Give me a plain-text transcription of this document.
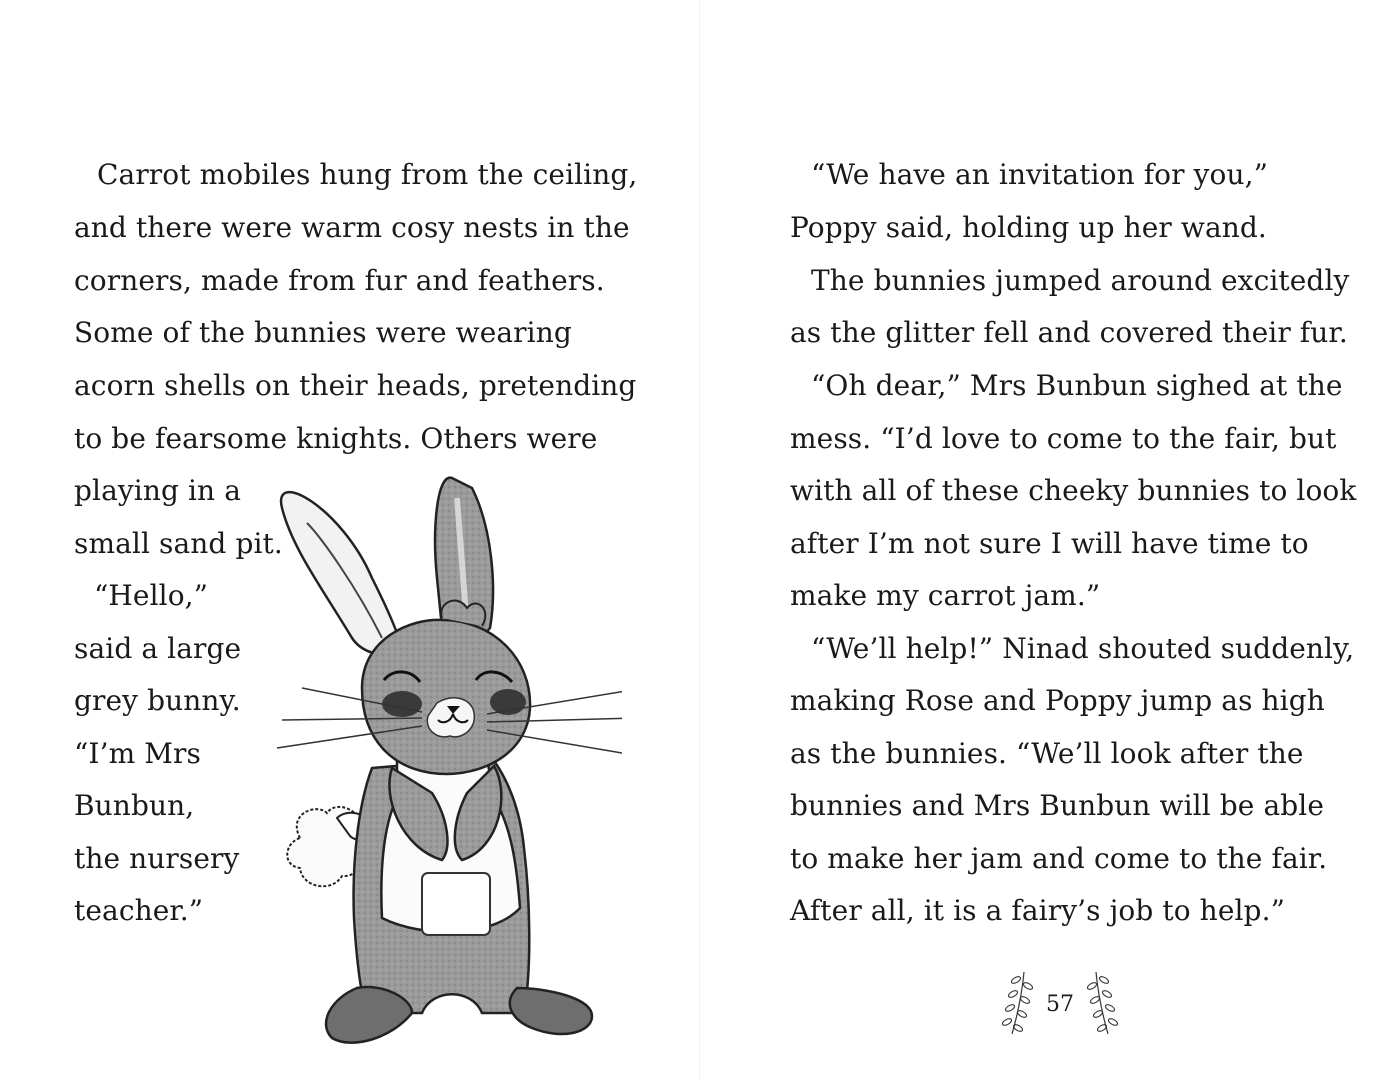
Carrot mobiles hung from the ceiling,
and there were warm cosy nests in the
corners, made from fur and feathers.
Some of the bunnies were wearing
acorn shells on their heads, pretending
to be fearsome knights. Others were
playing in a
small sand pit.
“Hello,”
said a large
grey bunny.
“I’m Mrs
Bunbun,
the nursery
teacher.”
“We have an invitation for you,”
Poppy said, holding up her wand.
The bunnies jumped around excitedly
as the glitter fell and covered their fur.
“Oh dear,” Mrs Bunbun sighed at the
mess. “I’d love to come to the fair, but
with all of these cheeky bunnies to look
after I’m not sure I will have time to
make my carrot jam.”
“We’ll help!” Ninad shouted suddenly,
making Rose and Poppy jump as high
as the bunnies. “We’ll look after the
bunnies and Mrs Bunbun will be able
to make her jam and come to the fair.
After all, it is a fairy’s job to help.”
57
